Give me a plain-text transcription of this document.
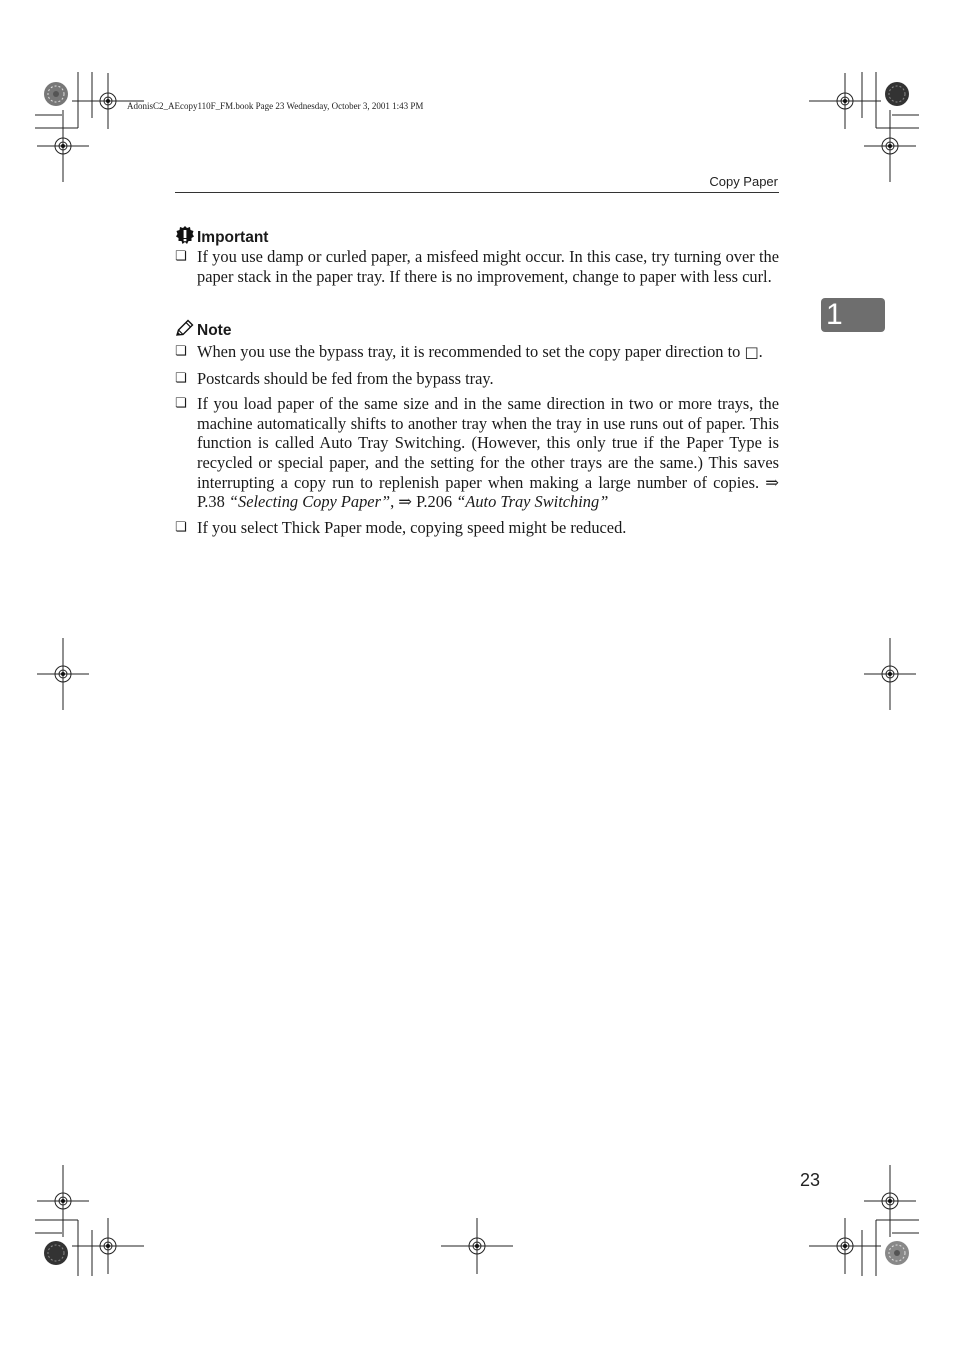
AdonisC2_AEcopy110F_FM.book Page 23 Wednesday, October 3, 2001 1:43 PM
Copy Paper
1
Important
❏ If you use damp or curled paper, a misfeed might occur. In this case, try turning over the paper stack in the paper tray. If there is no improvement, change to paper with less curl.
Note
❏ When you use the bypass tray, it is recommended to set the copy paper direction to □.
❏ Postcards should be fed from the bypass tray.
❏ If you load paper of the same size and in the same direction in two or more trays, the machine automatically shifts to another tray when the tray in use runs out of paper. This function is called Auto Tray Switching. (However, this only true if the Paper Type is recycled or special paper, and the setting for the other trays are the same.) This saves interrupting a copy run to replenish paper when making a large number of copies. ⇒ P.38 “Selecting Copy Paper”, ⇒ P.206 “Auto Tray Switching”
❏ If you select Thick Paper mode, copying speed might be reduced.
23
